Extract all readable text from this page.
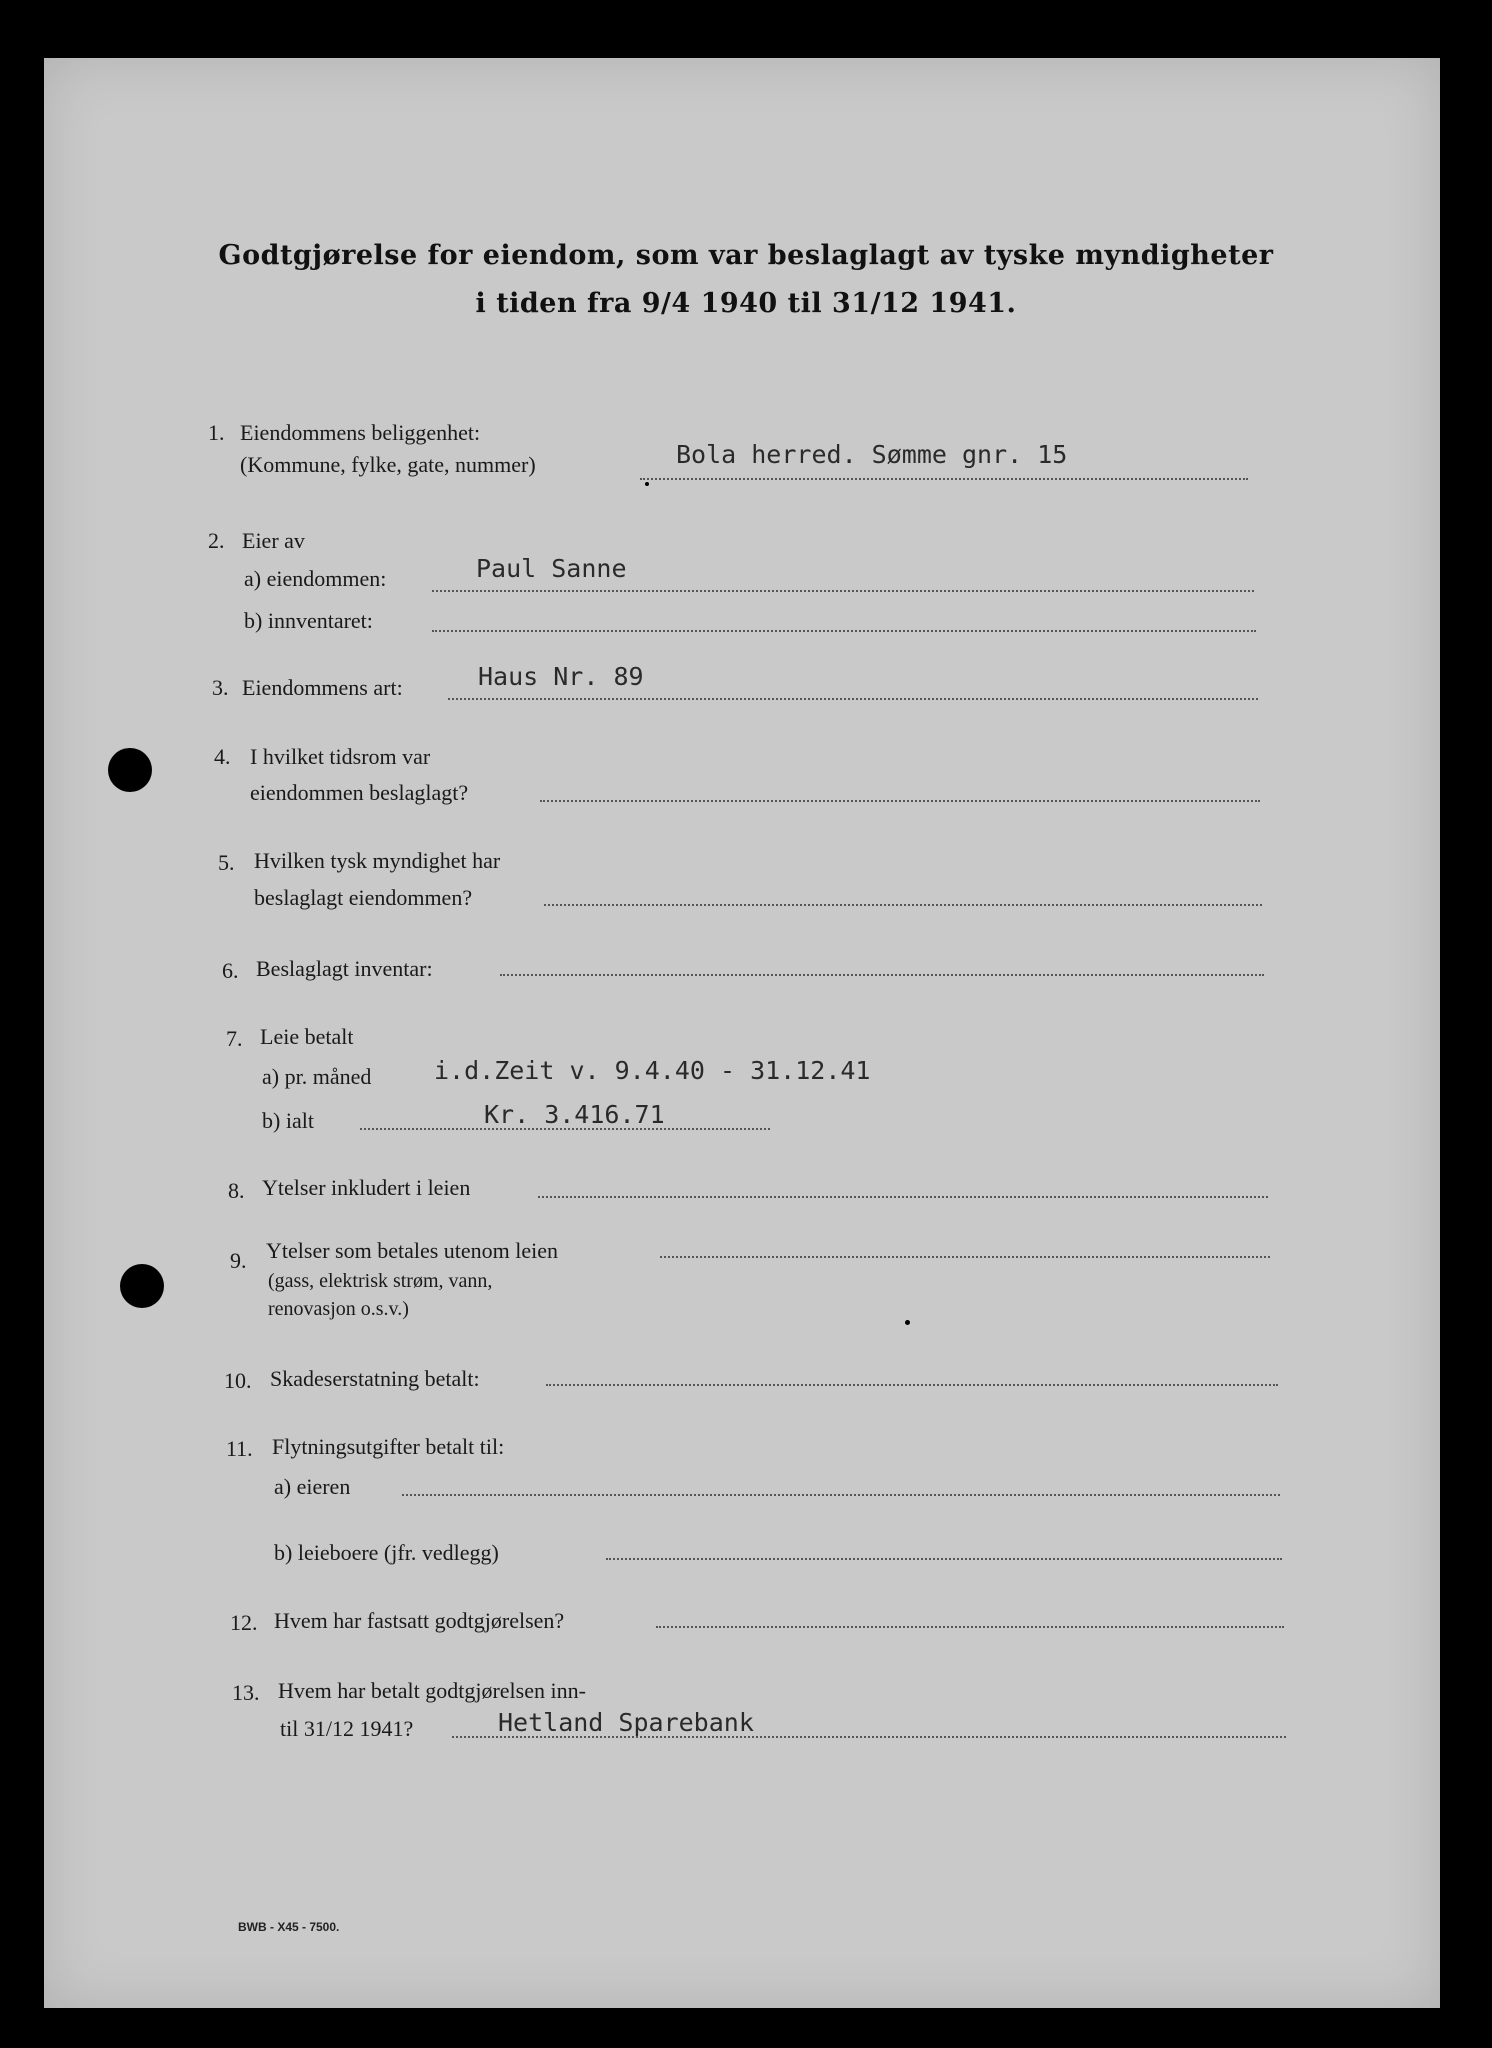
Godtgjørelse for eiendom, som var beslaglagt av tyske myndigheter
i tiden fra 9/4 1940 til 31/12 1941.
1. Eiendommens beliggenhet:
(Kommune, fylke, gate, nummer)	Bola herred. Sømme gnr. 15
2. Eier av
a) eiendommen:	Paul Sanne
b) innventaret:
3. Eiendommens art:	Haus Nr. 89
4. I hvilket tidsrom var
eiendommen beslaglagt?
5. Hvilken tysk myndighet har
beslaglagt eiendommen?
6. Beslaglagt inventar:
7. Leie betalt
a) pr. måned	i.d.Zeit v. 9.4.40 - 31.12.41
b) ialt	Kr. 3.416.71
8. Ytelser inkludert i leien
9. Ytelser som betales utenom leien
(gass, elektrisk strøm, vann,
renovasjon o.s.v.)
10. Skadeserstatning betalt:
11. Flytningsutgifter betalt til:
a) eieren
b) leieboere (jfr. vedlegg)
12. Hvem har fastsatt godtgjørelsen?
13. Hvem har betalt godtgjørelsen inn-
til 31/12 1941?	Hetland Sparebank
BWB - X45 - 7500.
